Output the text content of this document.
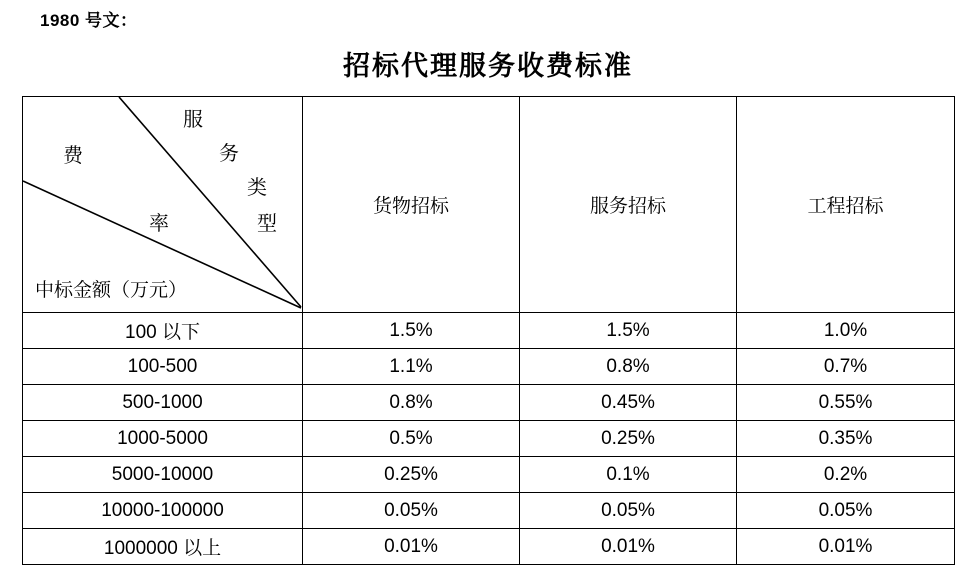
1980 号文：
招标代理服务收费标准
费
服
务
类
型
率
中标金额（万元）
	货物招标	服务招标	工程招标
100 以下	1.5%	1.5%	1.0%
100-500	1.1%	0.8%	0.7%
500-1000	0.8%	0.45%	0.55%
1000-5000	0.5%	0.25%	0.35%
5000-10000	0.25%	0.1%	0.2%
10000-100000	0.05%	0.05%	0.05%
1000000 以上	0.01%	0.01%	0.01%
